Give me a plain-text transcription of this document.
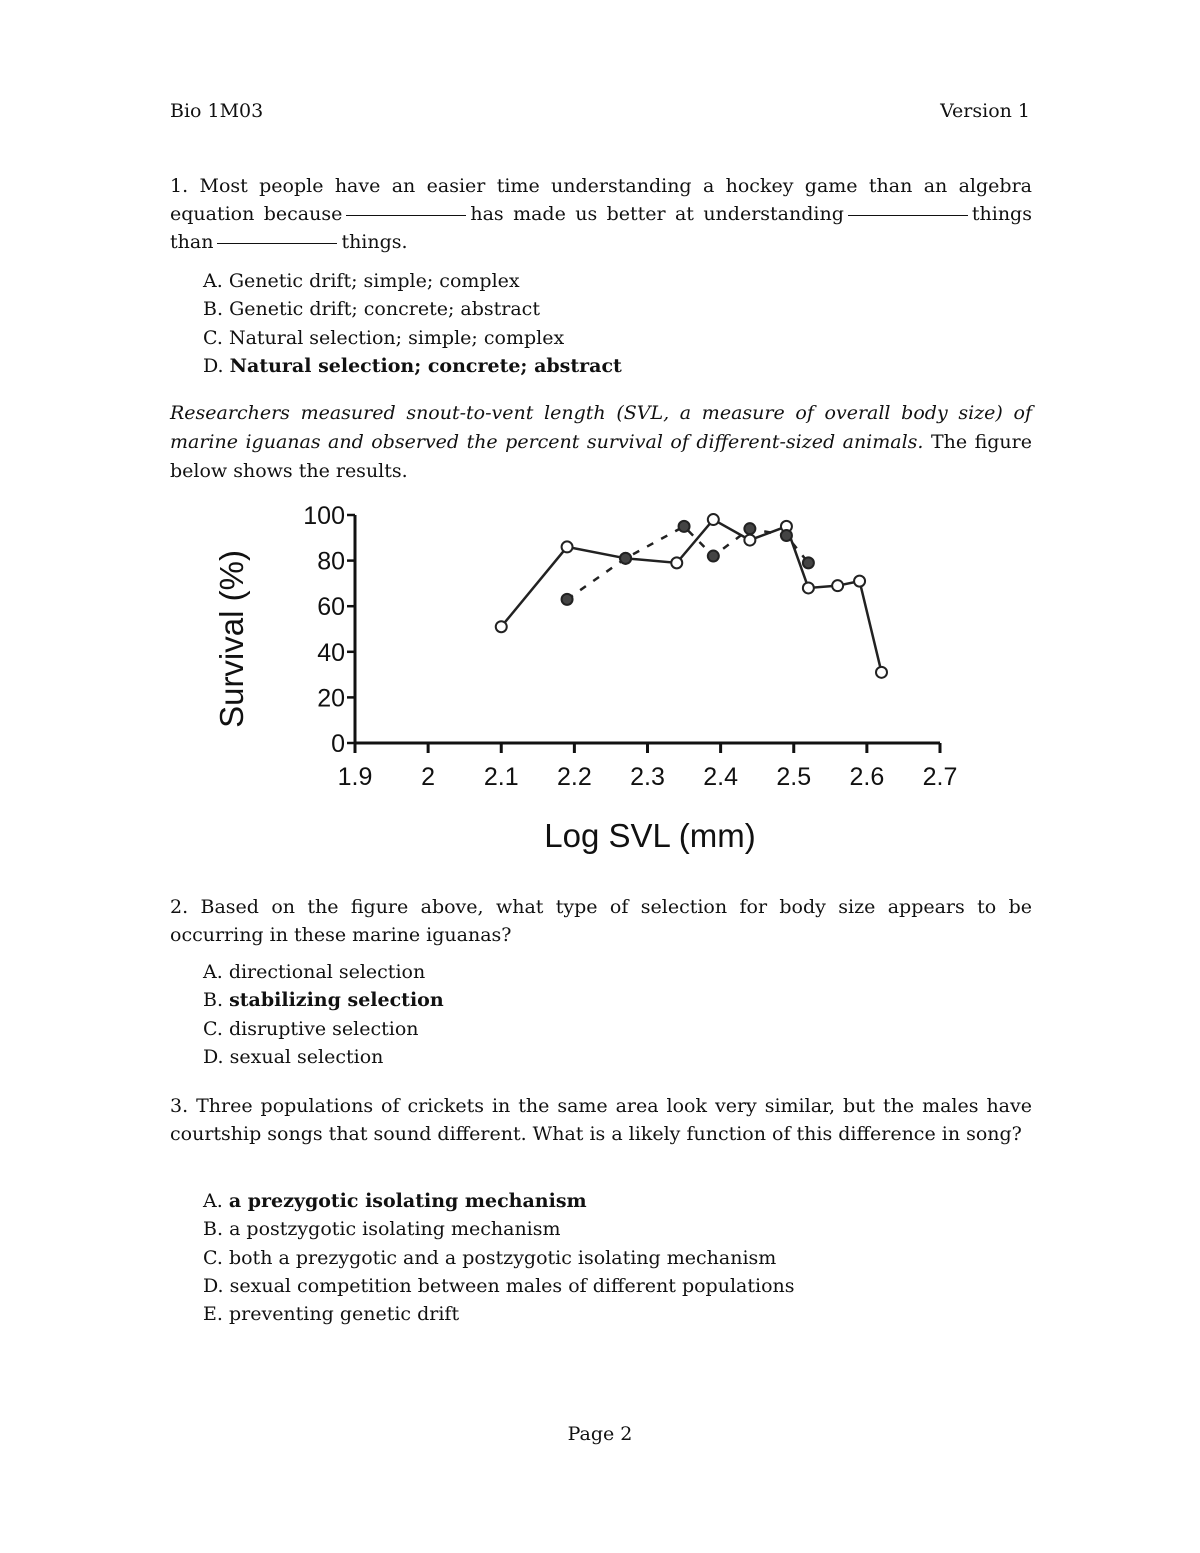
Bio 1M03	Version 1
1. Most people have an easier time understanding a hockey game than an algebra equation because	has made us better at understanding	things than	things.
A. Genetic drift; simple; complex
B. Genetic drift; concrete; abstract
C. Natural selection; simple; complex
D. Natural selection; concrete; abstract
Researchers measured snout-to-vent length (SVL, a measure of overall body size) of marine iguanas and observed the percent survival of different-sized animals. The figure below shows the results.
0
20
40
60
80
100
1.9 2 2.1 2.2 2.3 2.4 2.5 2.6 2.7
Log SVL (mm)
Survival (%)
2. Based on the figure above, what type of selection for body size appears to be occurring in these marine iguanas?
A. directional selection
B. stabilizing selection
C. disruptive selection
D. sexual selection
3. Three populations of crickets in the same area look very similar, but the males have courtship songs that sound different. What is a likely function of this difference in song?
A. a prezygotic isolating mechanism
B. a postzygotic isolating mechanism
C. both a prezygotic and a postzygotic isolating mechanism
D. sexual competition between males of different populations
E. preventing genetic drift
Page 2
